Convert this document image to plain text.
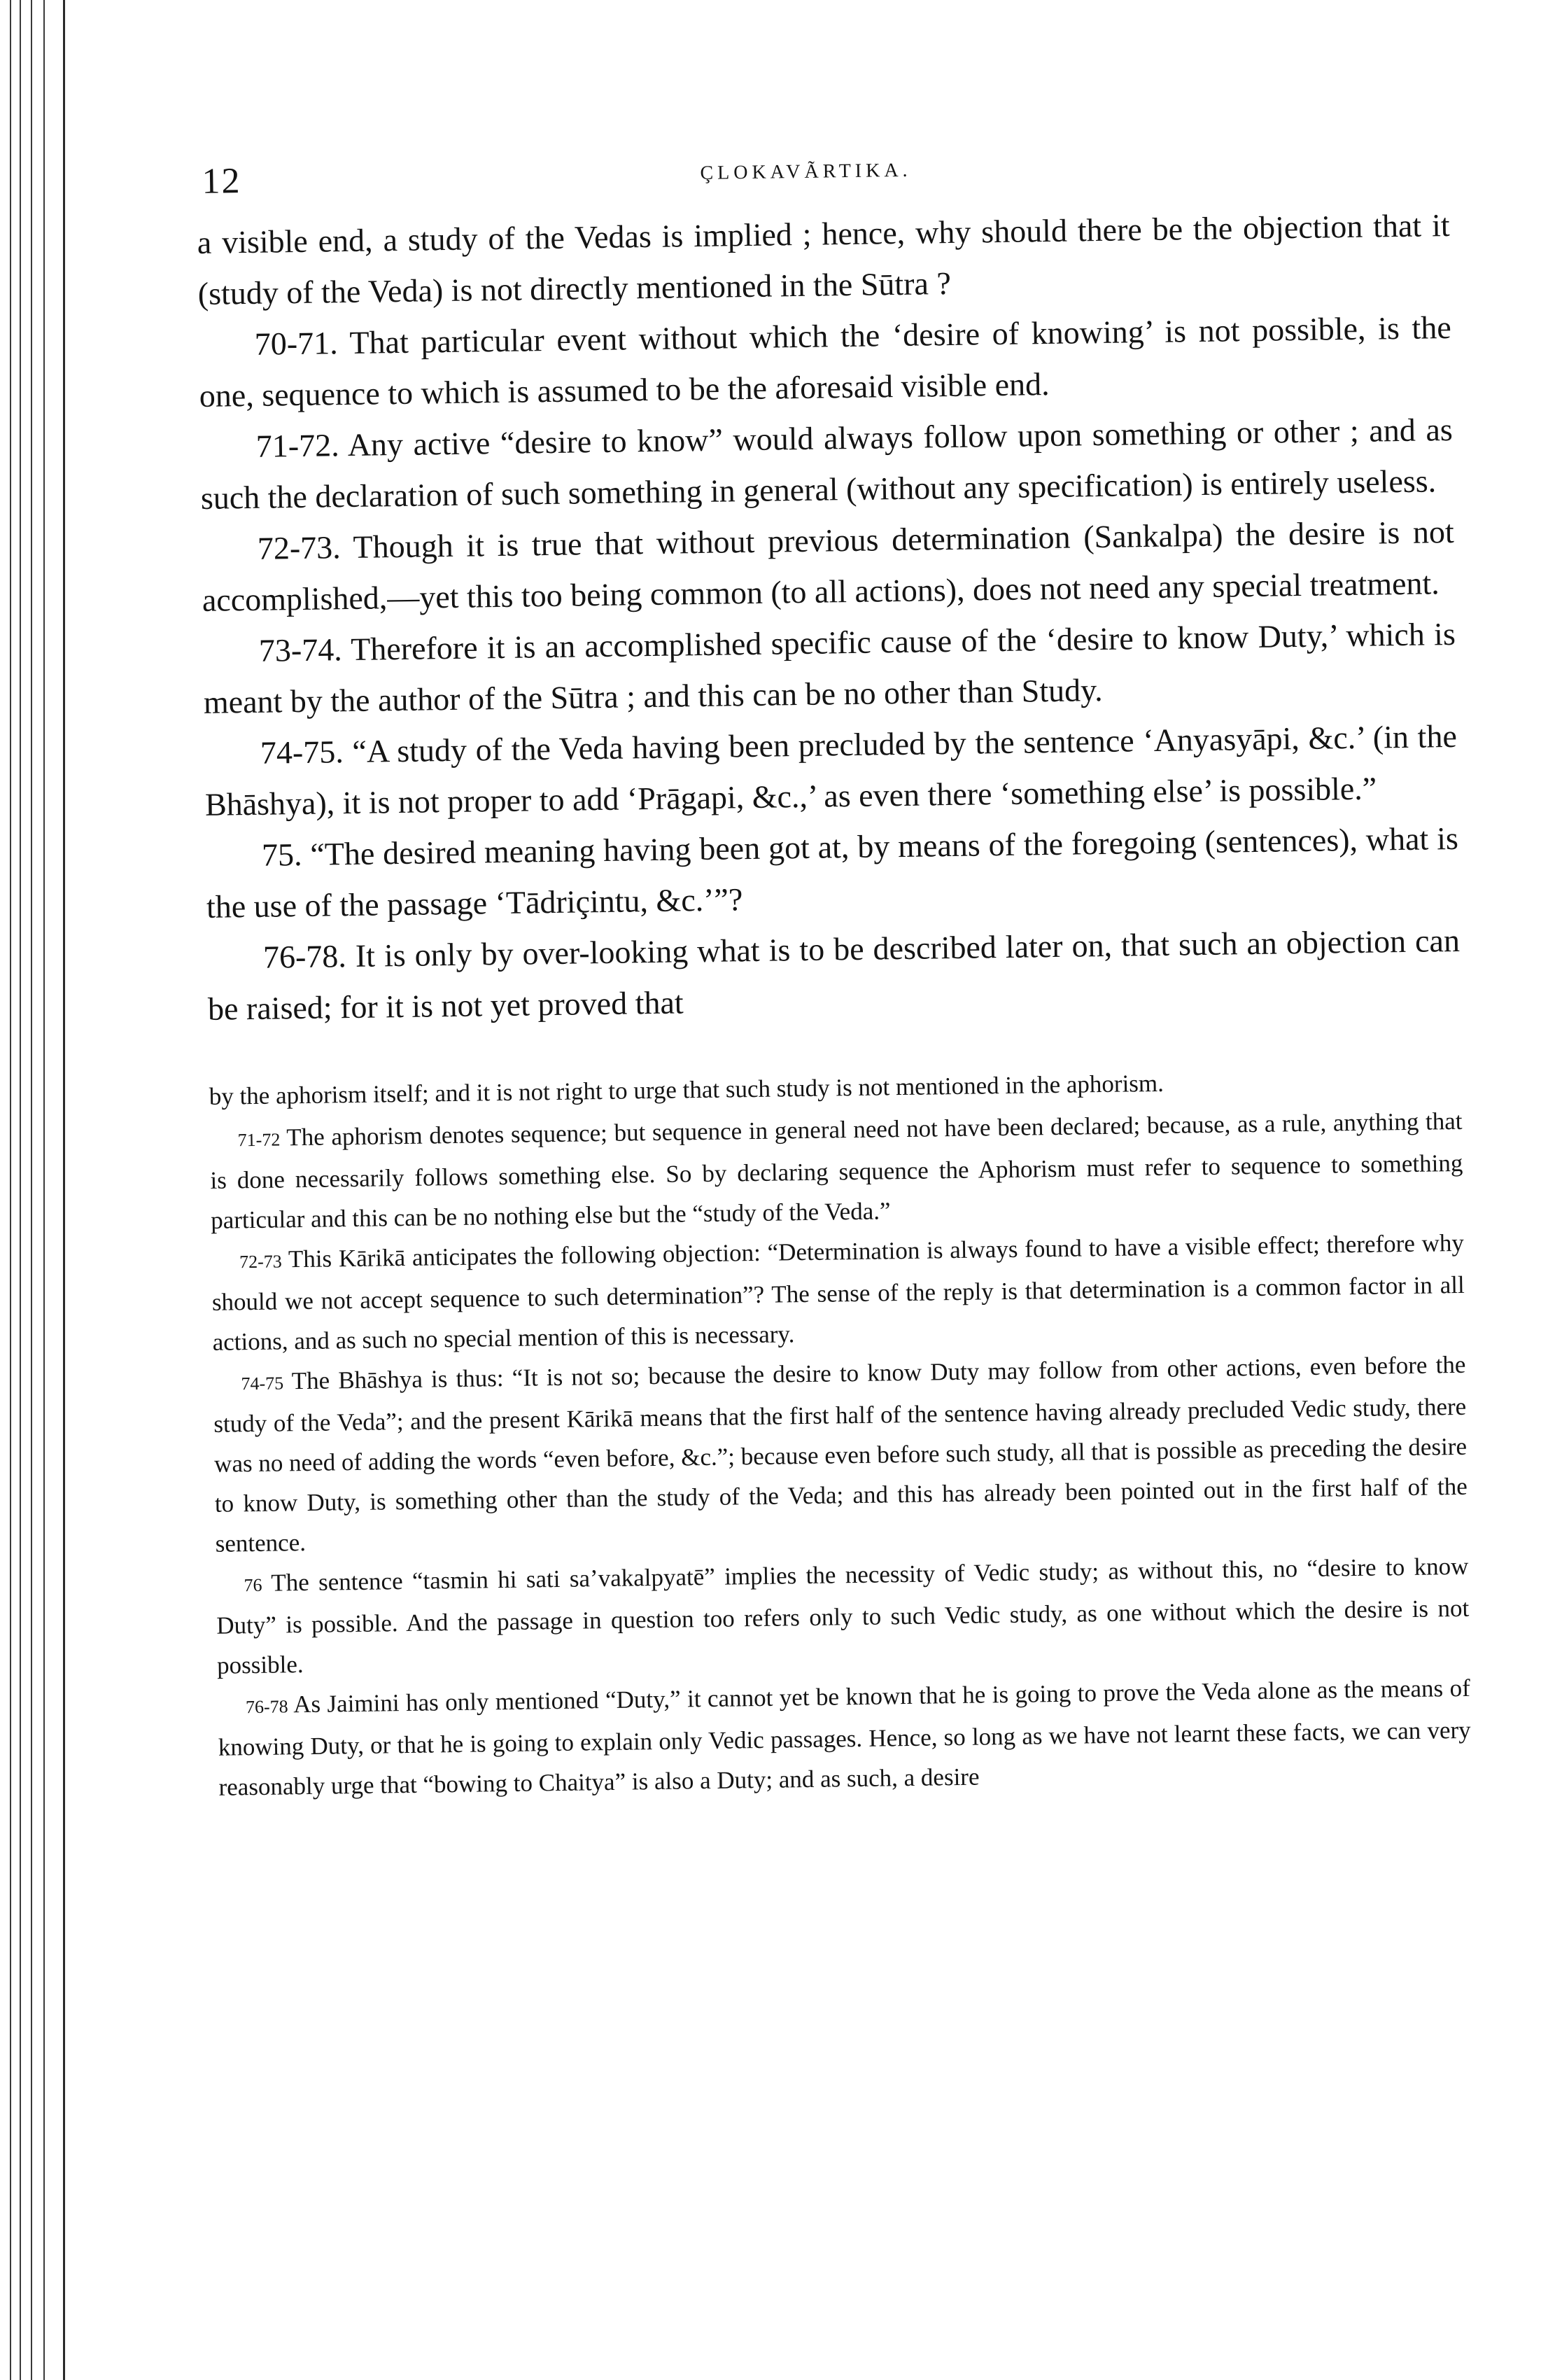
12	ÇLOKAVÃRTIKA.

a visible end, a study of the Vedas is implied ; hence, why should there be the objection that it (study of the Veda) is not directly mentioned in the Sūtra ?

70-71. That particular event without which the ‘desire of knowing’ is not possible, is the one, sequence to which is assumed to be the aforesaid visible end.

71-72. Any active “desire to know” would always follow upon something or other ; and as such the declaration of such something in general (without any specification) is entirely useless.

72-73. Though it is true that without previous determination (Sankalpa) the desire is not accomplished,—yet this too being common (to all actions), does not need any special treatment.

73-74. Therefore it is an accomplished specific cause of the ‘desire to know Duty,’ which is meant by the author of the Sūtra ; and this can be no other than Study.

74-75. “A study of the Veda having been precluded by the sentence ‘Anyasyāpi, &c.’ (in the Bhāshya), it is not proper to add ‘Prāgapi, &c.,’ as even there ‘something else’ is possible.”

75. “The desired meaning having been got at, by means of the foregoing (sentences), what is the use of the passage ‘Tādriçintu, &c.’”?

76-78. It is only by over-looking what is to be described later on, that such an objection can be raised; for it is not yet proved that

by the aphorism itself; and it is not right to urge that such study is not mentioned in the aphorism.

71-72 The aphorism denotes sequence; but sequence in general need not have been declared; because, as a rule, anything that is done necessarily follows something else. So by declaring sequence the Aphorism must refer to sequence to something particular and this can be no nothing else but the “study of the Veda.”

72-73 This Kārikā anticipates the following objection: “Determination is always found to have a visible effect; therefore why should we not accept sequence to such determination”? The sense of the reply is that determination is a common factor in all actions, and as such no special mention of this is necessary.

74-75 The Bhāshya is thus: “It is not so; because the desire to know Duty may follow from other actions, even before the study of the Veda”; and the present Kārikā means that the first half of the sentence having already precluded Vedic study, there was no need of adding the words “even before, &c.”; because even before such study, all that is possible as preceding the desire to know Duty, is something other than the study of the Veda; and this has already been pointed out in the first half of the sentence.

76 The sentence “tasmin hi sati sa’vakalpyatē” implies the necessity of Vedic study; as without this, no “desire to know Duty” is possible. And the passage in question too refers only to such Vedic study, as one without which the desire is not possible.

76-78 As Jaimini has only mentioned “Duty,” it cannot yet be known that he is going to prove the Veda alone as the means of knowing Duty, or that he is going to explain only Vedic passages. Hence, so long as we have not learnt these facts, we can very reasonably urge that “bowing to Chaitya” is also a Duty; and as such, a desire
